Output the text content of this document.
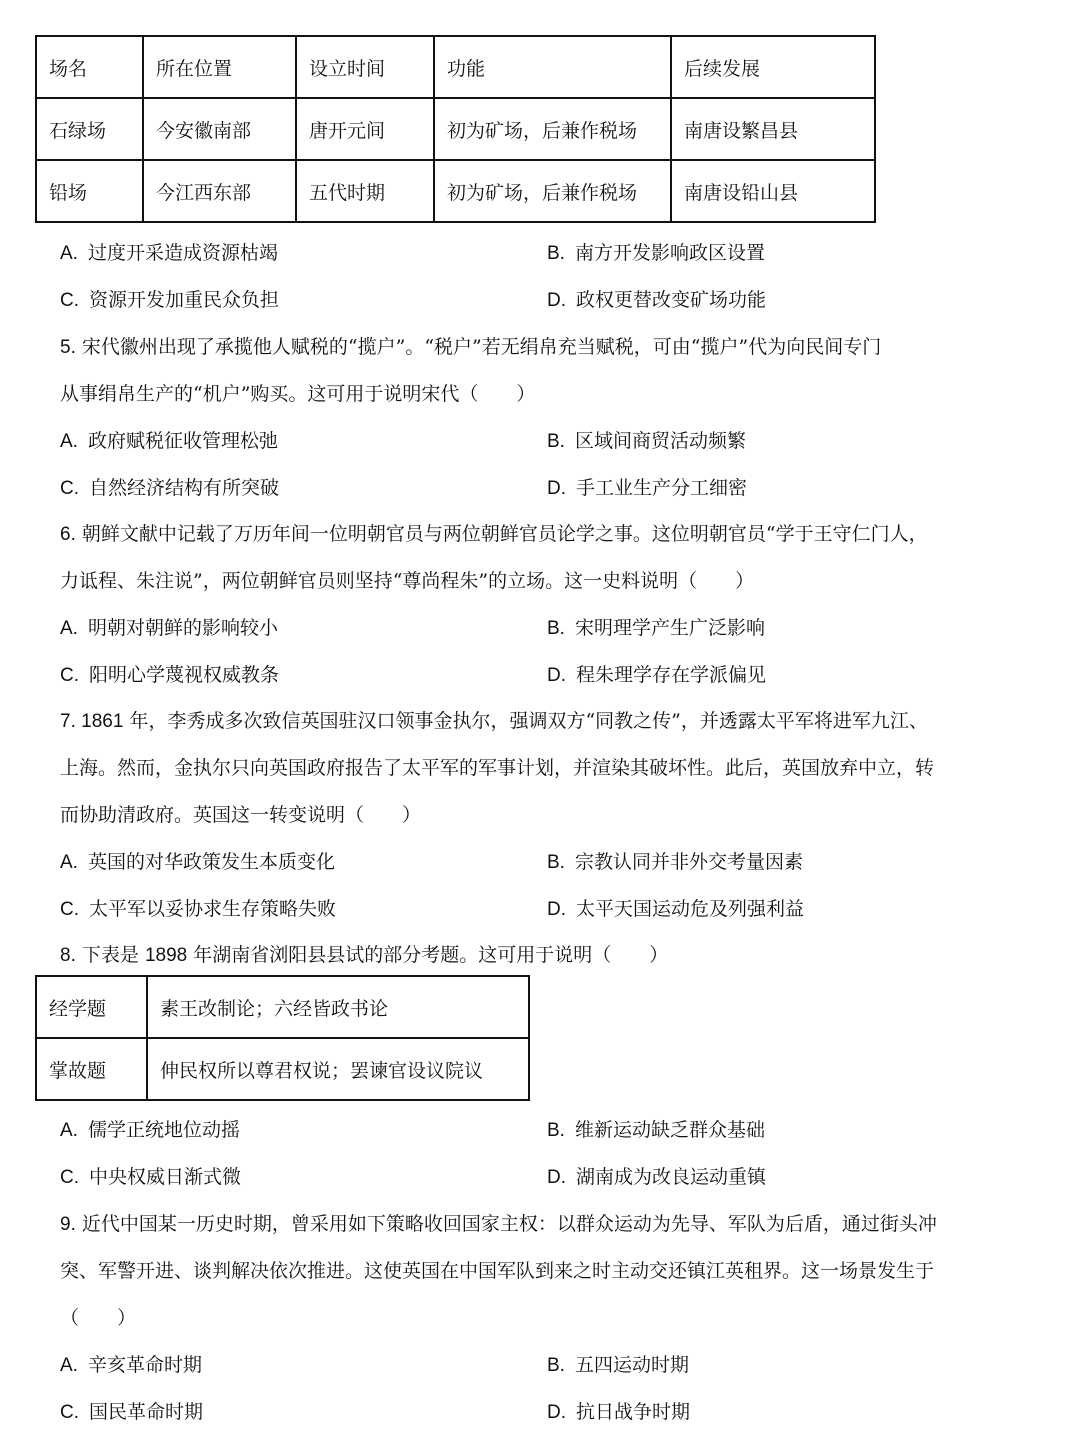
场名	所在位置	设立时间	功能	后续发展
石绿场	今安徽南部	唐开元间	初为矿场，后兼作税场	南唐设繁昌县
铅场	今江西东部	五代时期	初为矿场，后兼作税场	南唐设铅山县
A. 过度开采造成资源枯竭	B. 南方开发影响政区设置
C. 资源开发加重民众负担	D. 政权更替改变矿场功能
5. 宋代徽州出现了承揽他人赋税的“揽户”。“税户”若无绢帛充当赋税，可由“揽户”代为向民间专门
从事绢帛生产的“机户”购买。这可用于说明宋代（　　）
A. 政府赋税征收管理松弛	B. 区域间商贸活动频繁
C. 自然经济结构有所突破	D. 手工业生产分工细密
6. 朝鲜文献中记载了万历年间一位明朝官员与两位朝鲜官员论学之事。这位明朝官员“学于王守仁门人，
力诋程、朱注说”，两位朝鲜官员则坚持“尊尚程朱”的立场。这一史料说明（　　）
A. 明朝对朝鲜的影响较小	B. 宋明理学产生广泛影响
C. 阳明心学蔑视权威教条	D. 程朱理学存在学派偏见
7. 1861 年，李秀成多次致信英国驻汉口领事金执尔，强调双方“同教之传”，并透露太平军将进军九江、
上海。然而，金执尔只向英国政府报告了太平军的军事计划，并渲染其破坏性。此后，英国放弃中立，转
而协助清政府。英国这一转变说明（　　）
A. 英国的对华政策发生本质变化	B. 宗教认同并非外交考量因素
C. 太平军以妥协求生存策略失败	D. 太平天国运动危及列强利益
8. 下表是 1898 年湖南省浏阳县县试的部分考题。这可用于说明（　　）
经学题	素王改制论；六经皆政书论
掌故题	伸民权所以尊君权说；罢谏官设议院议
A. 儒学正统地位动摇	B. 维新运动缺乏群众基础
C. 中央权威日渐式微	D. 湖南成为改良运动重镇
9. 近代中国某一历史时期，曾采用如下策略收回国家主权：以群众运动为先导、军队为后盾，通过街头冲
突、军警开进、谈判解决依次推进。这使英国在中国军队到来之时主动交还镇江英租界。这一场景发生于
（　　）
A. 辛亥革命时期	B. 五四运动时期
C. 国民革命时期	D. 抗日战争时期
